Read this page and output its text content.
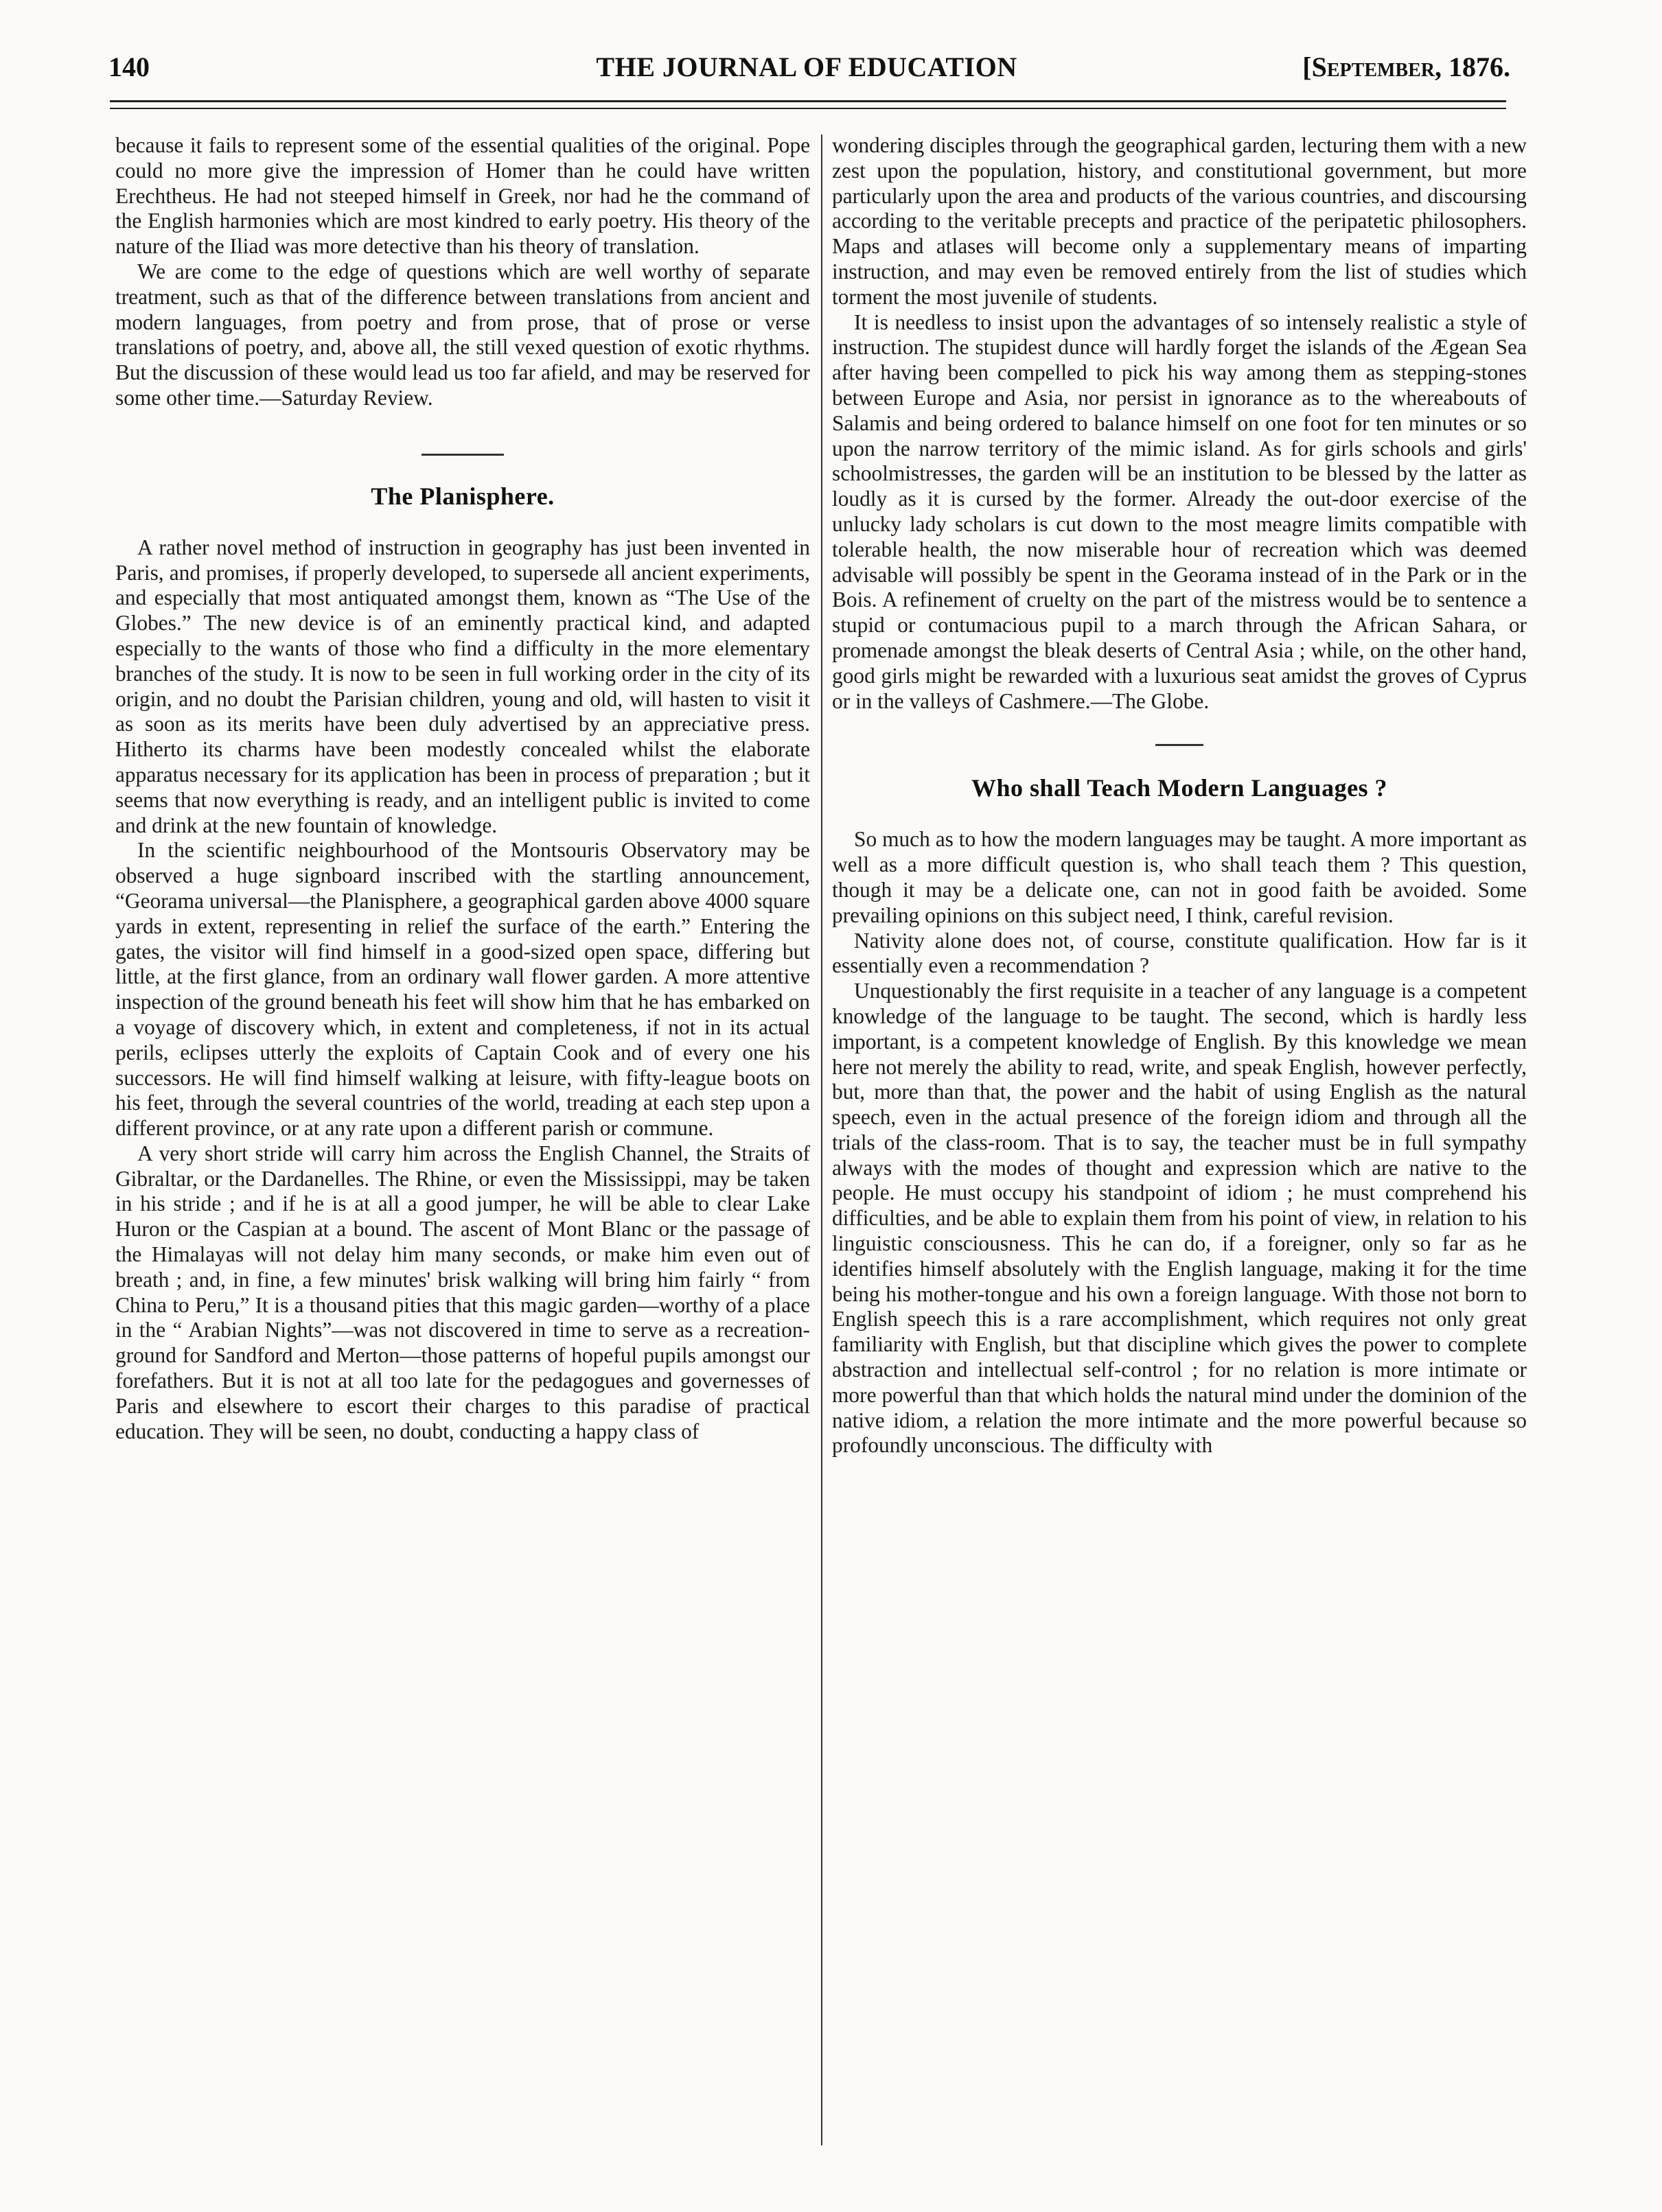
140	THE JOURNAL OF EDUCATION	[September, 1876.

because it fails to represent some of the essential qualities of the original. Pope could no more give the impression of Homer than he could have written Erechtheus. He had not steeped himself in Greek, nor had he the command of the English harmonies which are most kindred to early poetry. His theory of the nature of the Iliad was more detective than his theory of translation.

We are come to the edge of questions which are well worthy of separate treatment, such as that of the difference between translations from ancient and modern languages, from poetry and from prose, that of prose or verse translations of poetry, and, above all, the still vexed question of exotic rhythms. But the discussion of these would lead us too far afield, and may be reserved for some other time.—Saturday Review.

The Planisphere.

A rather novel method of instruction in geography has just been invented in Paris, and promises, if properly developed, to supersede all ancient experiments, and especially that most antiquated amongst them, known as “The Use of the Globes.” The new device is of an eminently practical kind, and adapted especially to the wants of those who find a difficulty in the more elementary branches of the study. It is now to be seen in full working order in the city of its origin, and no doubt the Parisian children, young and old, will hasten to visit it as soon as its merits have been duly advertised by an appreciative press. Hitherto its charms have been modestly concealed whilst the elaborate apparatus necessary for its application has been in process of preparation ; but it seems that now everything is ready, and an intelligent public is invited to come and drink at the new fountain of knowledge.

In the scientific neighbourhood of the Montsouris Observatory may be observed a huge signboard inscribed with the startling announcement, “Georama universal—the Planisphere, a geographical garden above 4000 square yards in extent, representing in relief the surface of the earth.” Entering the gates, the visitor will find himself in a good-sized open space, differing but little, at the first glance, from an ordinary wall flower garden. A more attentive inspection of the ground beneath his feet will show him that he has embarked on a voyage of discovery which, in extent and completeness, if not in its actual perils, eclipses utterly the exploits of Captain Cook and of every one his successors. He will find himself walking at leisure, with fifty-league boots on his feet, through the several countries of the world, treading at each step upon a different province, or at any rate upon a different parish or commune.

A very short stride will carry him across the English Channel, the Straits of Gibraltar, or the Dardanelles. The Rhine, or even the Mississippi, may be taken in his stride ; and if he is at all a good jumper, he will be able to clear Lake Huron or the Caspian at a bound. The ascent of Mont Blanc or the passage of the Himalayas will not delay him many seconds, or make him even out of breath ; and, in fine, a few minutes' brisk walking will bring him fairly “ from China to Peru,” It is a thousand pities that this magic garden—worthy of a place in the “ Arabian Nights”—was not discovered in time to serve as a recreation-ground for Sandford and Merton—those patterns of hopeful pupils amongst our forefathers. But it is not at all too late for the pedagogues and governesses of Paris and elsewhere to escort their charges to this paradise of practical education. They will be seen, no doubt, conducting a happy class of

wondering disciples through the geographical garden, lecturing them with a new zest upon the population, history, and constitutional government, but more particularly upon the area and products of the various countries, and discoursing according to the veritable precepts and practice of the peripatetic philosophers. Maps and atlases will become only a supplementary means of imparting instruction, and may even be removed entirely from the list of studies which torment the most juvenile of students.

It is needless to insist upon the advantages of so intensely realistic a style of instruction. The stupidest dunce will hardly forget the islands of the Ægean Sea after having been compelled to pick his way among them as stepping-stones between Europe and Asia, nor persist in ignorance as to the whereabouts of Salamis and being ordered to balance himself on one foot for ten minutes or so upon the narrow territory of the mimic island. As for girls schools and girls' schoolmistresses, the garden will be an institution to be blessed by the latter as loudly as it is cursed by the former. Already the out-door exercise of the unlucky lady scholars is cut down to the most meagre limits compatible with tolerable health, the now miserable hour of recreation which was deemed advisable will possibly be spent in the Georama instead of in the Park or in the Bois. A refinement of cruelty on the part of the mistress would be to sentence a stupid or contumacious pupil to a march through the African Sahara, or promenade amongst the bleak deserts of Central Asia ; while, on the other hand, good girls might be rewarded with a luxurious seat amidst the groves of Cyprus or in the valleys of Cashmere.—The Globe.

Who shall Teach Modern Languages ?

So much as to how the modern languages may be taught. A more important as well as a more difficult question is, who shall teach them ? This question, though it may be a delicate one, can not in good faith be avoided. Some prevailing opinions on this subject need, I think, careful revision.

Nativity alone does not, of course, constitute qualification. How far is it essentially even a recommendation ?

Unquestionably the first requisite in a teacher of any language is a competent knowledge of the language to be taught. The second, which is hardly less important, is a competent knowledge of English. By this knowledge we mean here not merely the ability to read, write, and speak English, however perfectly, but, more than that, the power and the habit of using English as the natural speech, even in the actual presence of the foreign idiom and through all the trials of the class-room. That is to say, the teacher must be in full sympathy always with the modes of thought and expression which are native to the people. He must occupy his standpoint of idiom ; he must comprehend his difficulties, and be able to explain them from his point of view, in relation to his linguistic consciousness. This he can do, if a foreigner, only so far as he identifies himself absolutely with the English language, making it for the time being his mother-tongue and his own a foreign language. With those not born to English speech this is a rare accomplishment, which requires not only great familiarity with English, but that discipline which gives the power to complete abstraction and intellectual self-control ; for no relation is more intimate or more powerful than that which holds the natural mind under the dominion of the native idiom, a relation the more intimate and the more powerful because so profoundly unconscious. The difficulty with
